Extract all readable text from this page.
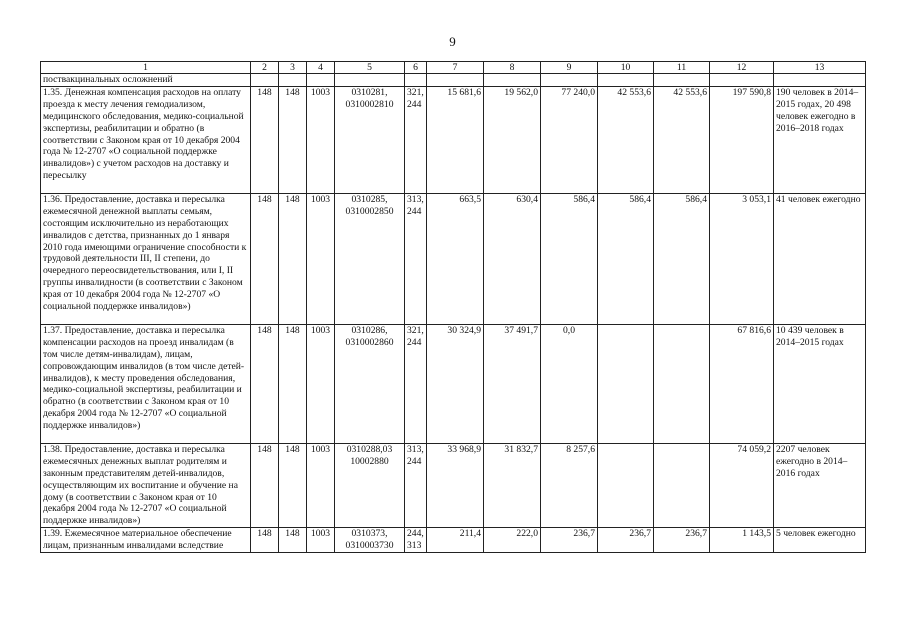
9
1	2	3	4	5	6	7	8	9	10	11	12	13
поствакцинальных осложнений												
1.35. Денежная компенсация расходов на оплату проезда к месту лечения гемодиализом, медицинского обследования, медико-социальной экспертизы, реабилитации и обратно (в соответствии с Законом края от 10 декабря 2004 года № 12-2707 «О социальной поддержке инвалидов») с учетом расходов на доставку и пересылку	148	148	1003	0310281, 0310002810	321, 244	15 681,6	19 562,0	77 240,0	42 553,6	42 553,6	197 590,8	190 человек в 2014–2015 годах, 20 498 человек ежегодно в 2016–2018 годах
1.36. Предоставление, доставка и пересылка ежемесячной денежной выплаты семьям, состоящим исключительно из неработающих инвалидов с детства, признанных до 1 января 2010 года имеющими ограничение способности к трудовой деятельности III, II степени, до очередного переосвидетельствования, или I, II группы инвалидности (в соответствии с Законом края от 10 декабря 2004 года № 12-2707 «О социальной поддержке инвалидов»)	148	148	1003	0310285, 0310002850	313, 244	663,5	630,4	586,4	586,4	586,4	3 053,1	41 человек ежегодно
1.37. Предоставление, доставка и пересылка компенсации расходов на проезд инвалидам (в том числе детям-инвалидам), лицам, сопровождающим инвалидов (в том числе детей-инвалидов), к месту проведения обследования, медико-социальной экспертизы, реабилитации и обратно (в соответствии с Законом края от 10 декабря 2004 года № 12-2707 «О социальной поддержке инвалидов»)	148	148	1003	0310286, 0310002860	321, 244	30 324,9	37 491,7	0,0			67 816,6	10 439 человек в 2014–2015 годах
1.38. Предоставление, доставка и пересылка ежемесячных денежных выплат родителям и законным представителям детей-инвалидов, осуществляющим их воспитание и обучение на дому (в соответствии с Законом края от 10 декабря 2004 года № 12-2707 «О социальной поддержке инвалидов»)	148	148	1003	0310288,03 10002880	313, 244	33 968,9	31 832,7	8 257,6			74 059,2	2207 человек ежегодно в 2014–2016 годах
1.39. Ежемесячное материальное обеспечение лицам, признанным инвалидами вследствие	148	148	1003	0310373, 0310003730	244, 313	211,4	222,0	236,7	236,7	236,7	1 143,5	5 человек ежегодно
